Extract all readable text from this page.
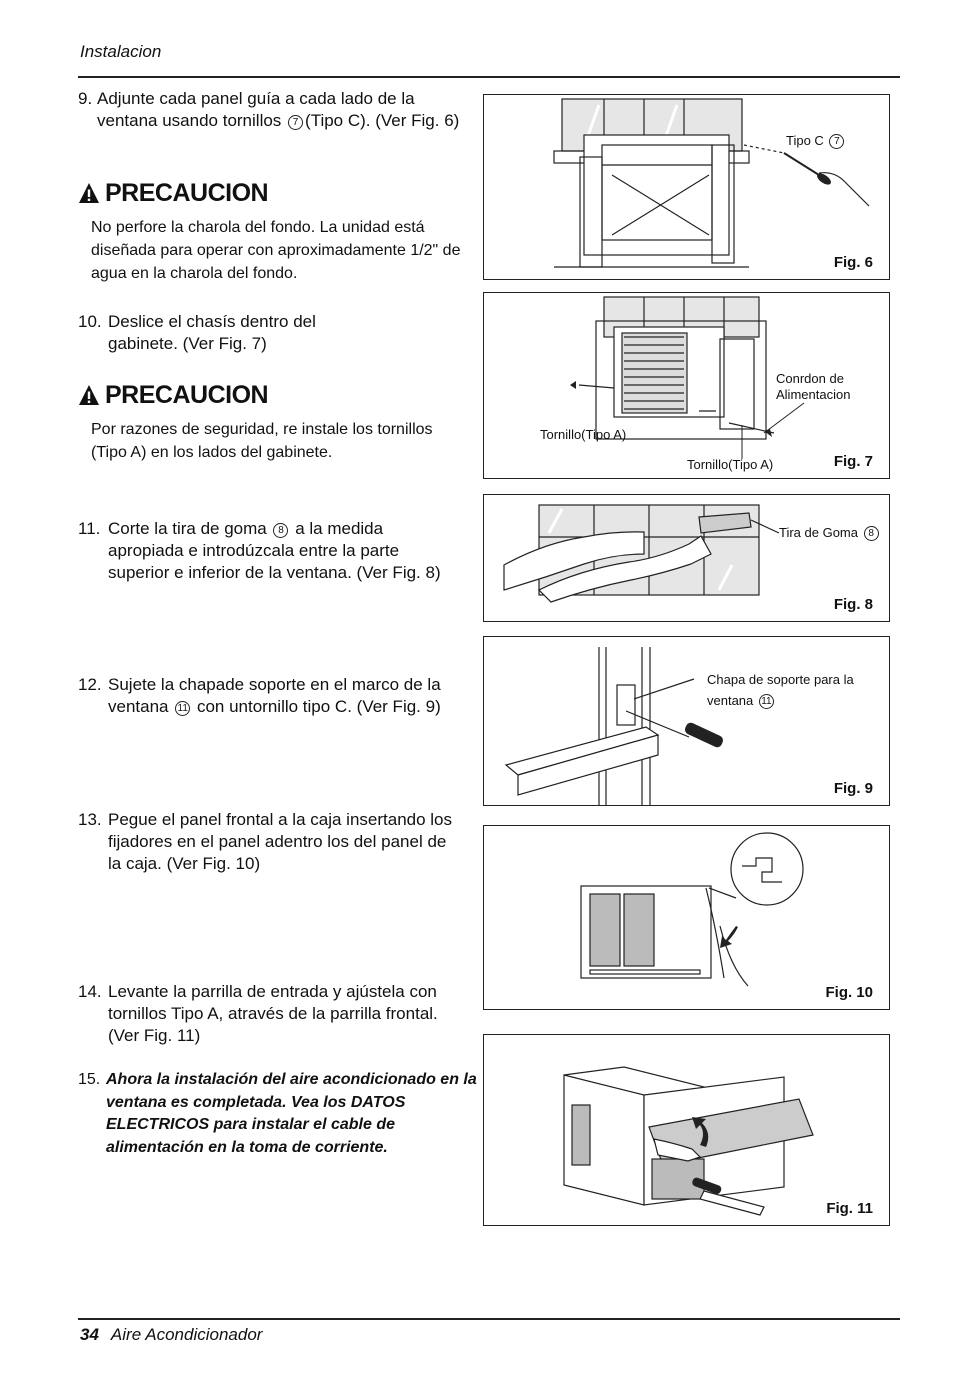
Instalacion
9. Adjunte cada panel guía a cada lado de la ventana usando tornillos 7 (Tipo C). (Ver Fig. 6)
PRECAUCION
No perfore la charola del fondo. La unidad está diseñada para operar con aproximadamente 1/2" de agua en la charola del fondo.
10. Deslice el chasís dentro del gabinete. (Ver Fig. 7)
PRECAUCION
Por razones de seguridad, re instale los tornillos (Tipo A) en los lados del gabinete.
11. Corte la tira de goma 8 a la medida apropiada e introdúzcala entre la parte superior e inferior de la ventana. (Ver Fig. 8)
12. Sujete la chapade soporte en el marco de la ventana 11 con untornillo tipo C. (Ver Fig. 9)
13. Pegue el panel frontal a la caja insertando los fijadores en el panel adentro los del panel de la caja. (Ver Fig. 10)
14. Levante la parrilla de entrada y ajústela con tornillos Tipo A, através de la parrilla frontal. (Ver Fig. 11)
15. Ahora la instalación del aire acondicionado en la ventana es completada. Vea los DATOS ELECTRICOS para instalar el cable de alimentación en la toma de corriente.
Tipo C 7
Fig. 6
Conrdon de Alimentacion
Tornillo(Tipo A)
Tornillo(Tipo A)	Fig. 7
Tira de Goma 8
Fig. 8
Chapa de soporte para la ventana 11
Fig. 9
Fig. 10
Fig. 11
34 Aire Acondicionador
